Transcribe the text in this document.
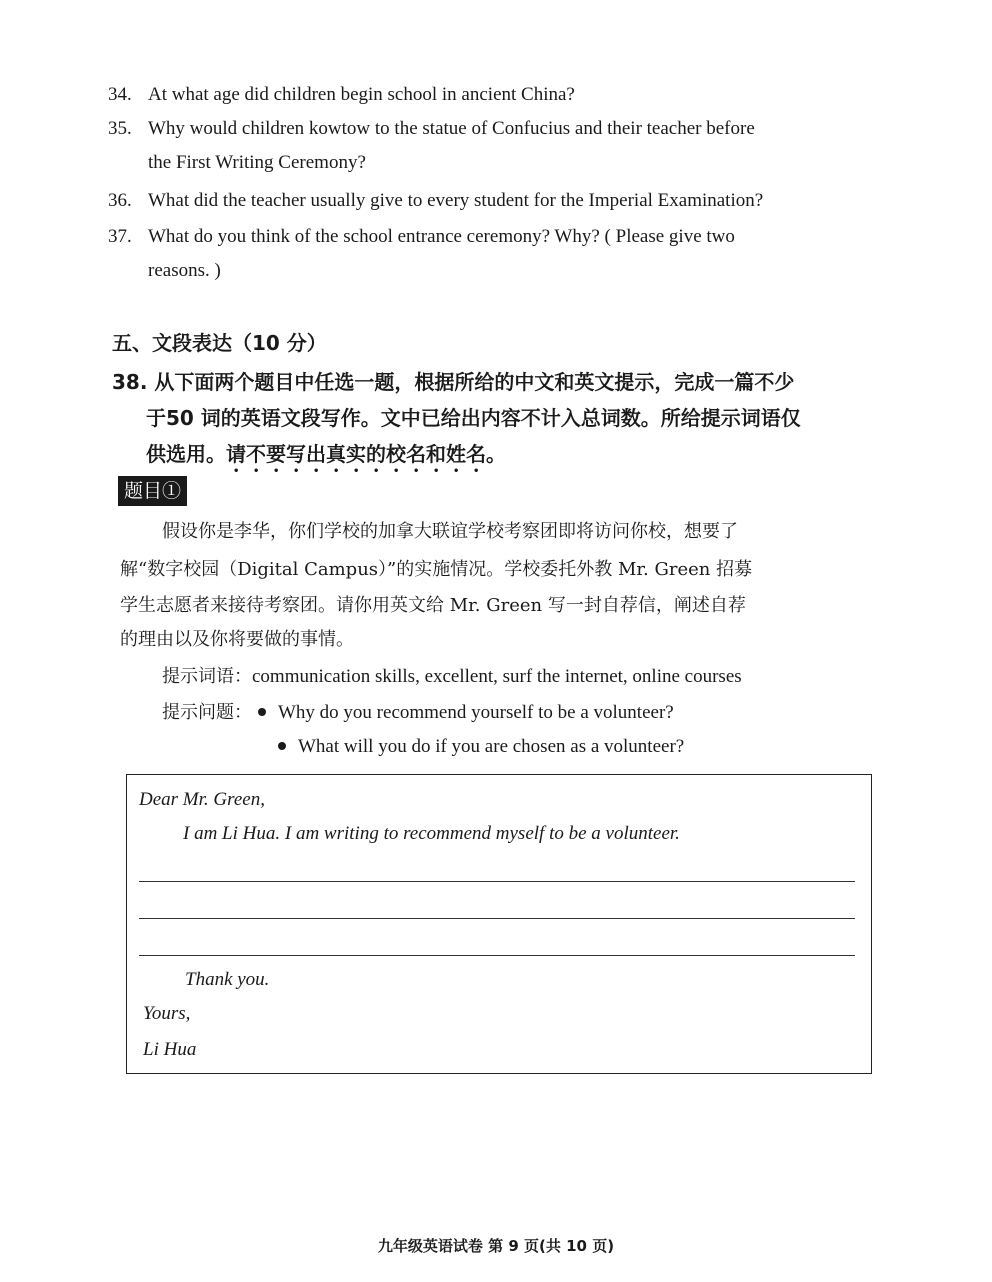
34. At what age did children begin school in ancient China?
35. Why would children kowtow to the statue of Confucius and their teacher before
the First Writing Ceremony?
36. What did the teacher usually give to every student for the Imperial Examination?
37. What do you think of the school entrance ceremony? Why? ( Please give two
reasons. )
五、文段表达（10 分）
38. 从下面两个题目中任选一题，根据所给的中文和英文提示，完成一篇不少
于50 词的英语文段写作。文中已给出内容不计入总词数。所给提示词语仅
供选用。请不要写出真实的校名和姓名。
题目①
假设你是李华，你们学校的加拿大联谊学校考察团即将访问你校，想要了
解“数字校园（Digital Campus）”的实施情况。学校委托外教 Mr. Green 招募
学生志愿者来接待考察团。请你用英文给 Mr. Green 写一封自荐信，阐述自荐
的理由以及你将要做的事情。
提示词语：communication skills, excellent, surf the internet, online courses
提示问题： Why do you recommend yourself to be a volunteer?
What will you do if you are chosen as a volunteer?
Dear Mr. Green,
I am Li Hua. I am writing to recommend myself to be a volunteer.
Thank you.
Yours,
Li Hua
九年级英语试卷 第 9 页(共 10 页)
